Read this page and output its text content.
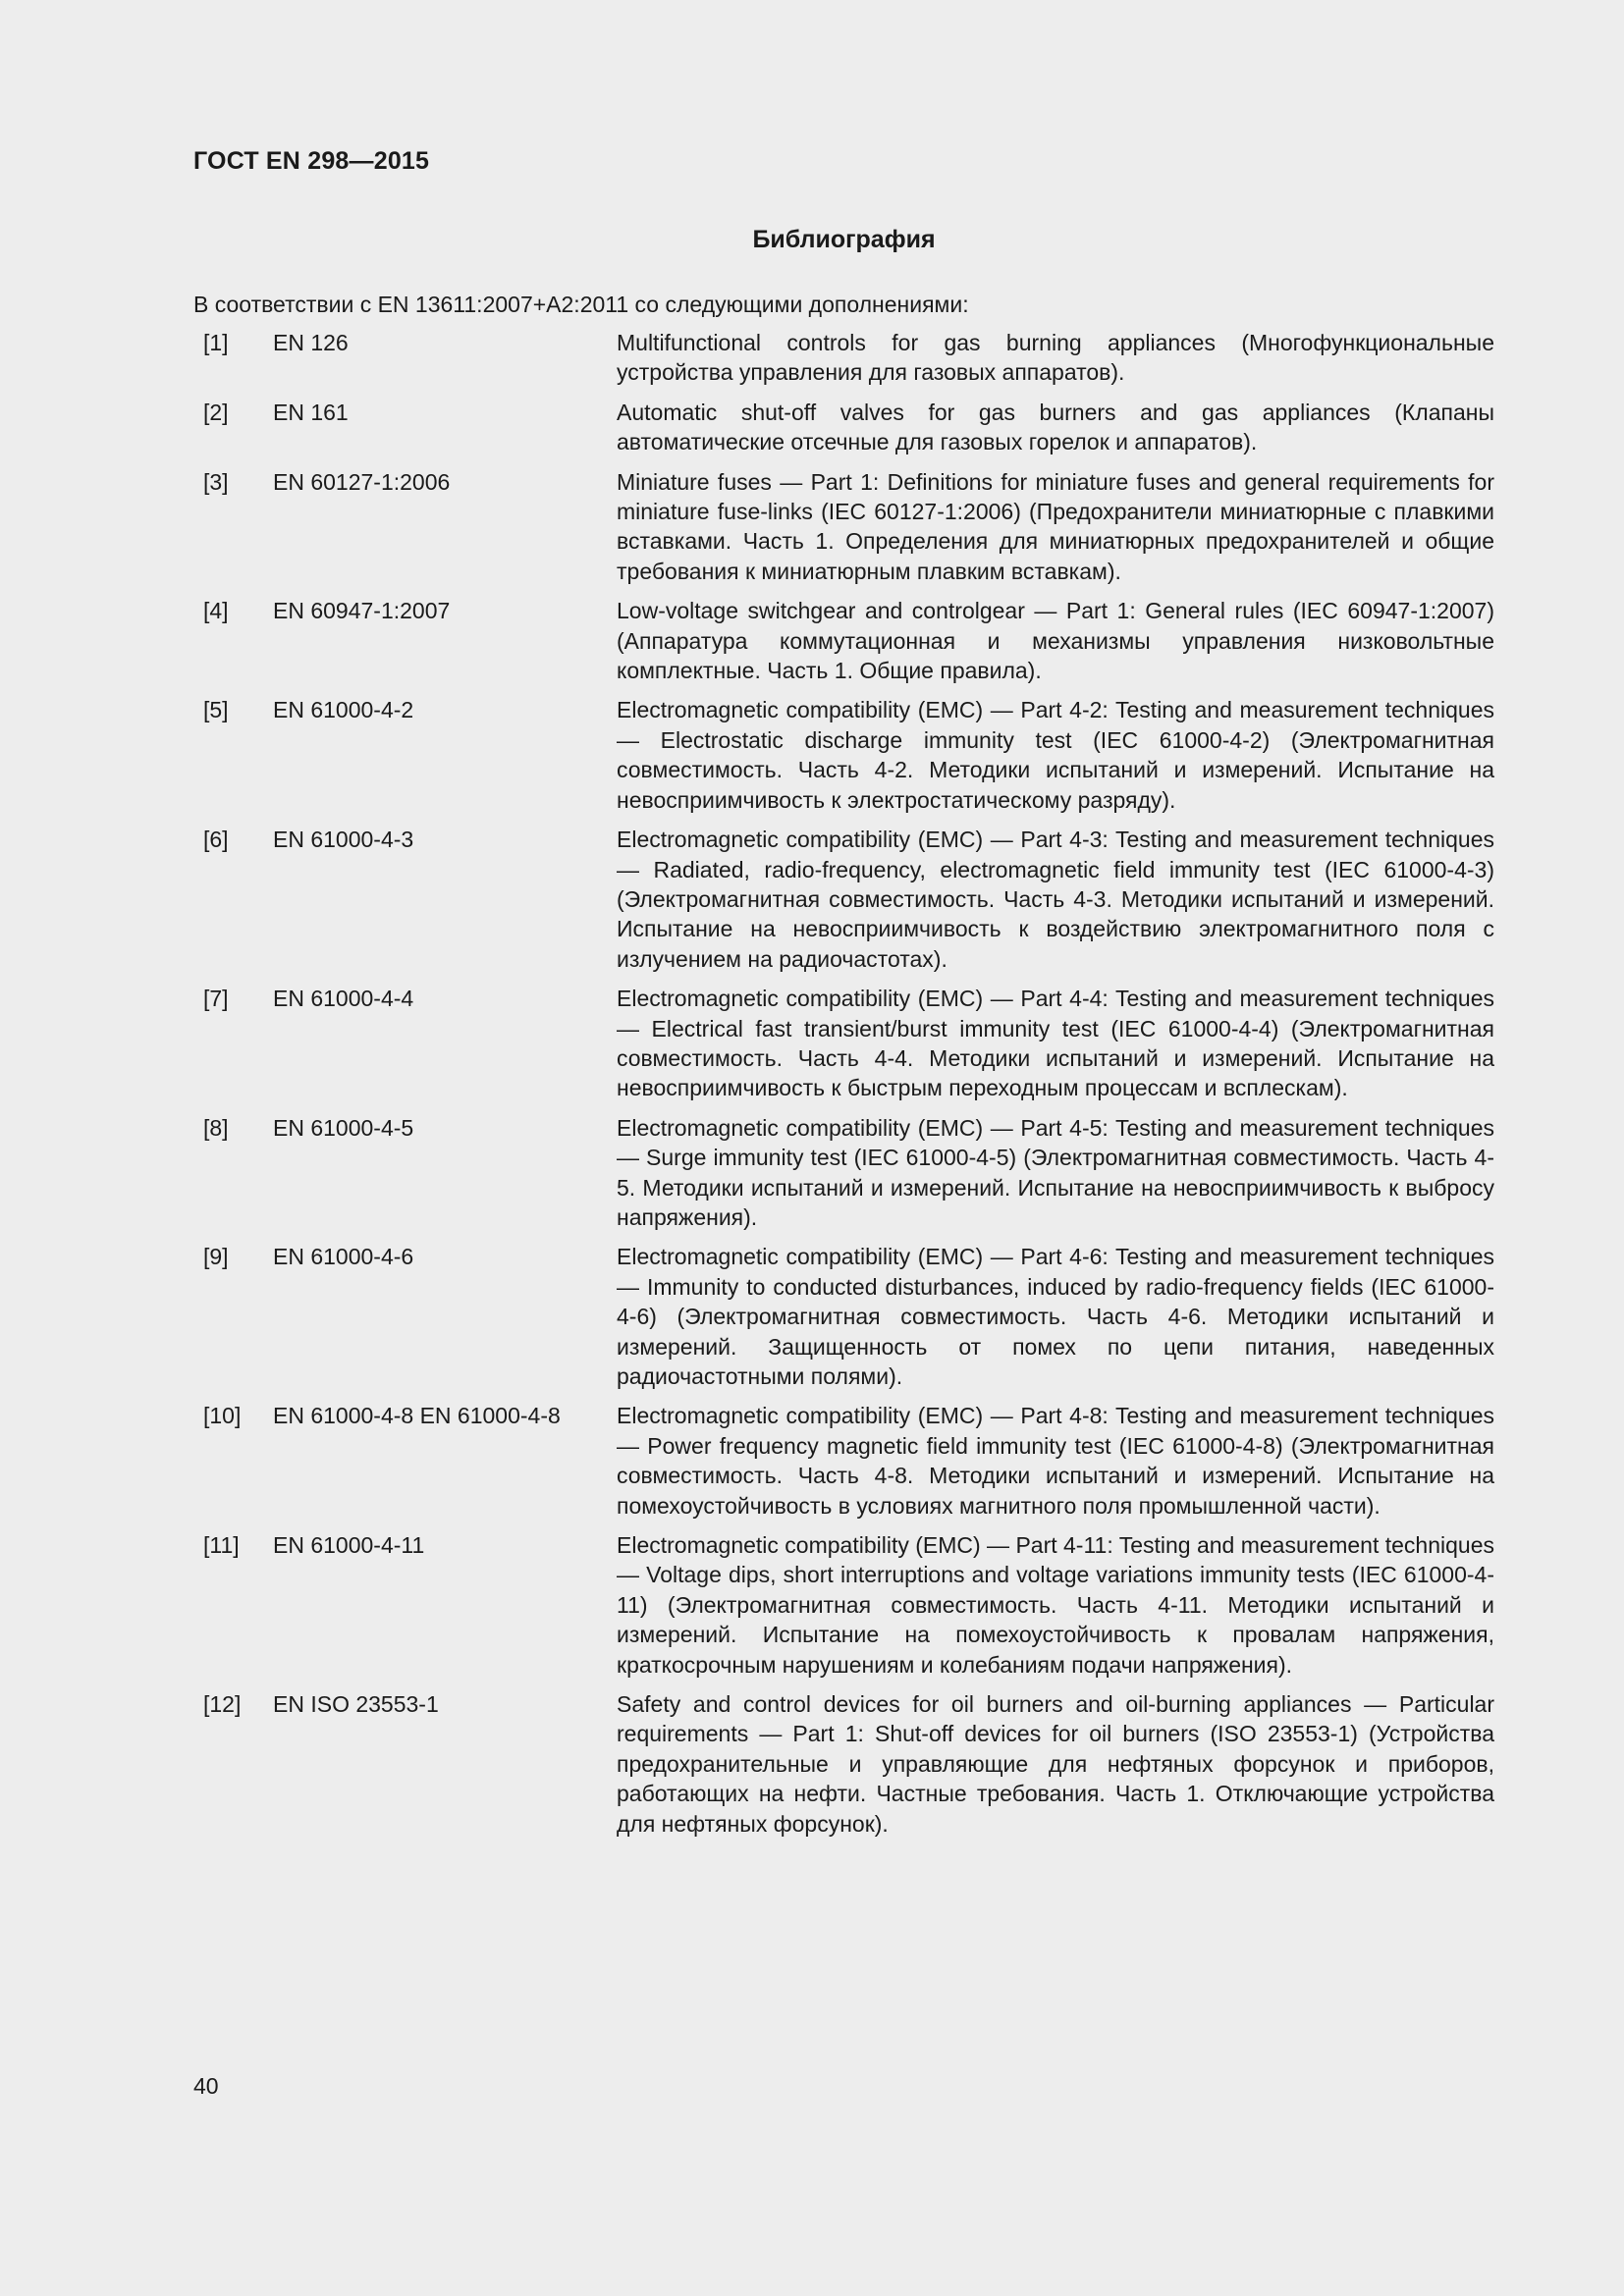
ГОСТ EN 298—2015
Библиография
В соответствии с EN 13611:2007+A2:2011 со следующими дополнениями:
[1]	EN 126	Multifunctional controls for gas burning appliances (Многофункциональные устройства управления для газовых аппаратов).
[2]	EN 161	Automatic shut-off valves for gas burners and gas appliances (Клапаны автоматические отсечные для газовых горелок и аппаратов).
[3]	EN 60127-1:2006	Miniature fuses — Part 1: Definitions for miniature fuses and general requirements for miniature fuse-links (IEC 60127-1:2006) (Предохранители миниатюрные с плавкими вставками. Часть 1. Определения для миниатюрных предохранителей и общие требования к миниатюрным плавким вставкам).
[4]	EN 60947-1:2007	Low-voltage switchgear and controlgear — Part 1: General rules (IEC 60947-1:2007) (Аппаратура коммутационная и механизмы управления низковольтные комплектные. Часть 1. Общие правила).
[5]	EN 61000-4-2	Electromagnetic compatibility (EMC) — Part 4-2: Testing and measurement techniques — Electrostatic discharge immunity test (IEC 61000-4-2) (Электромагнитная совместимость. Часть 4-2. Методики испытаний и измерений. Испытание на невосприимчивость к электростатическому разряду).
[6]	EN 61000-4-3	Electromagnetic compatibility (EMC) — Part 4-3: Testing and measurement techniques — Radiated, radio-frequency, electromagnetic field immunity test (IEC 61000-4-3) (Электромагнитная совместимость. Часть 4-3. Методики испытаний и измерений. Испытание на невосприимчивость к воздействию электромагнитного поля с излучением на радиочастотах).
[7]	EN 61000-4-4	Electromagnetic compatibility (EMC) — Part 4-4: Testing and measurement techniques — Electrical fast transient/burst immunity test (IEC 61000-4-4) (Электромагнитная совместимость. Часть 4-4. Методики испытаний и измерений. Испытание на невосприимчивость к быстрым переходным процессам и всплескам).
[8]	EN 61000-4-5	Electromagnetic compatibility (EMC) — Part 4-5: Testing and measurement techniques — Surge immunity test (IEC 61000-4-5) (Электромагнитная совместимость. Часть 4-5. Методики испытаний и измерений. Испытание на невосприимчивость к выбросу напряжения).
[9]	EN 61000-4-6	Electromagnetic compatibility (EMC) — Part 4-6: Testing and measurement techniques — Immunity to conducted disturbances, induced by radio-frequency fields (IEC 61000-4-6) (Электромагнитная совместимость. Часть 4-6. Методики испытаний и измерений. Защищенность от помех по цепи питания, наведенных радиочастотными полями).
[10]	EN 61000-4-8 EN 61000-4-8	Electromagnetic compatibility (EMC) — Part 4-8: Testing and measurement techniques — Power frequency magnetic field immunity test (IEC 61000-4-8) (Электромагнитная совместимость. Часть 4-8. Методики испытаний и измерений. Испытание на помехоустойчивость в условиях магнитного поля промышленной части).
[11]	EN 61000-4-11	Electromagnetic compatibility (EMC) — Part 4-11: Testing and measurement techniques — Voltage dips, short interruptions and voltage variations immunity tests (IEC 61000-4-11) (Электромагнитная совместимость. Часть 4-11. Методики испытаний и измерений. Испытание на помехоустойчивость к провалам напряжения, краткосрочным нарушениям и колебаниям подачи напряжения).
[12]	EN ISO 23553-1	Safety and control devices for oil burners and oil-burning appliances — Particular requirements — Part 1: Shut-off devices for oil burners (ISO 23553-1) (Устройства предохранительные и управляющие для нефтяных форсунок и приборов, работающих на нефти. Частные требования. Часть 1. Отключающие устройства для нефтяных форсунок).
40
